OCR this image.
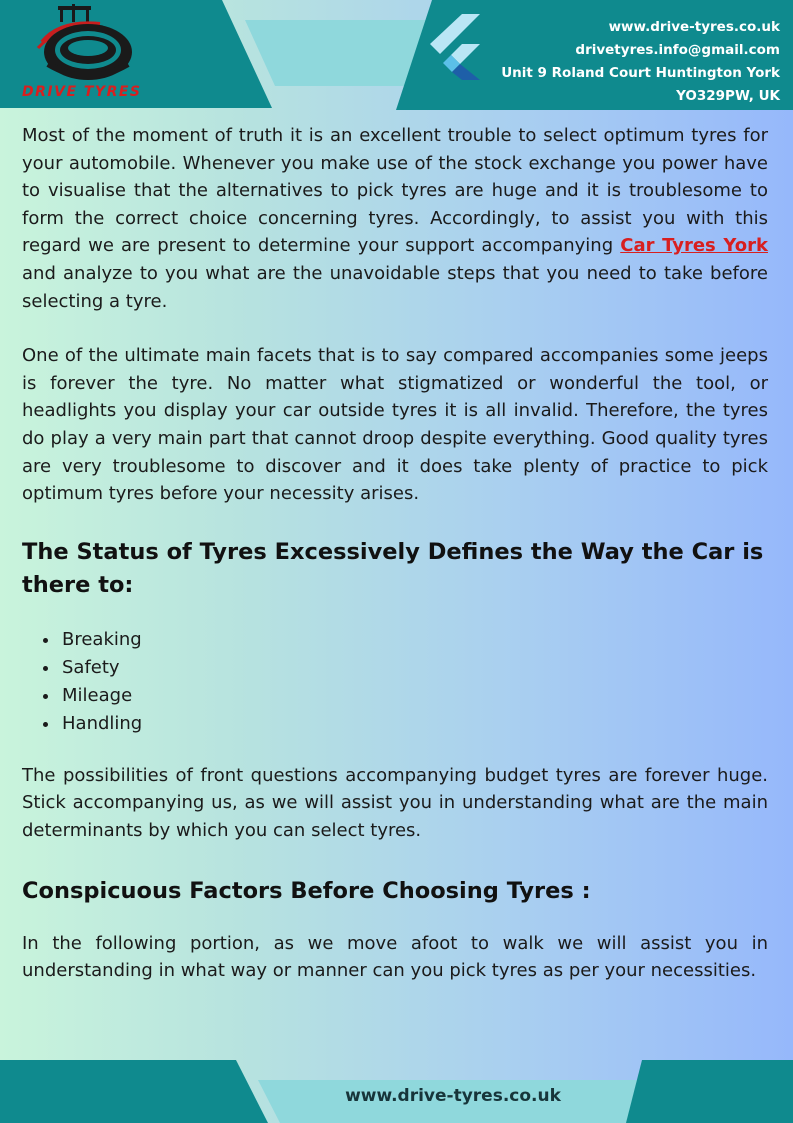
DRIVE TYRES
www.drive-tyres.co.uk
drivetyres.info@gmail.com
Unit 9 Roland Court Huntington York
YO329PW, UK

Most of the moment of truth it is an excellent trouble to select optimum tyres for your automobile. Whenever you make use of the stock exchange you power have to visualise that the alternatives to pick tyres are huge and it is troublesome to form the correct choice concerning tyres. Accordingly, to assist you with this regard we are present to determine your support accompanying Car Tyres York and analyze to you what are the unavoidable steps that you need to take before selecting a tyre.

One of the ultimate main facets that is to say compared accompanies some jeeps is forever the tyre. No matter what stigmatized or wonderful the tool, or headlights you display your car outside tyres it is all invalid. Therefore, the tyres do play a very main part that cannot droop despite everything. Good quality tyres are very troublesome to discover and it does take plenty of practice to pick optimum tyres before your necessity arises.

The Status of Tyres Excessively Defines the Way the Car is there to:
• Breaking
• Safety
• Mileage
• Handling

The possibilities of front questions accompanying budget tyres are forever huge. Stick accompanying us, as we will assist you in understanding what are the main determinants by which you can select tyres.

Conspicuous Factors Before Choosing Tyres :

In the following portion, as we move afoot to walk we will assist you in understanding in what way or manner can you pick tyres as per your necessities.

www.drive-tyres.co.uk
